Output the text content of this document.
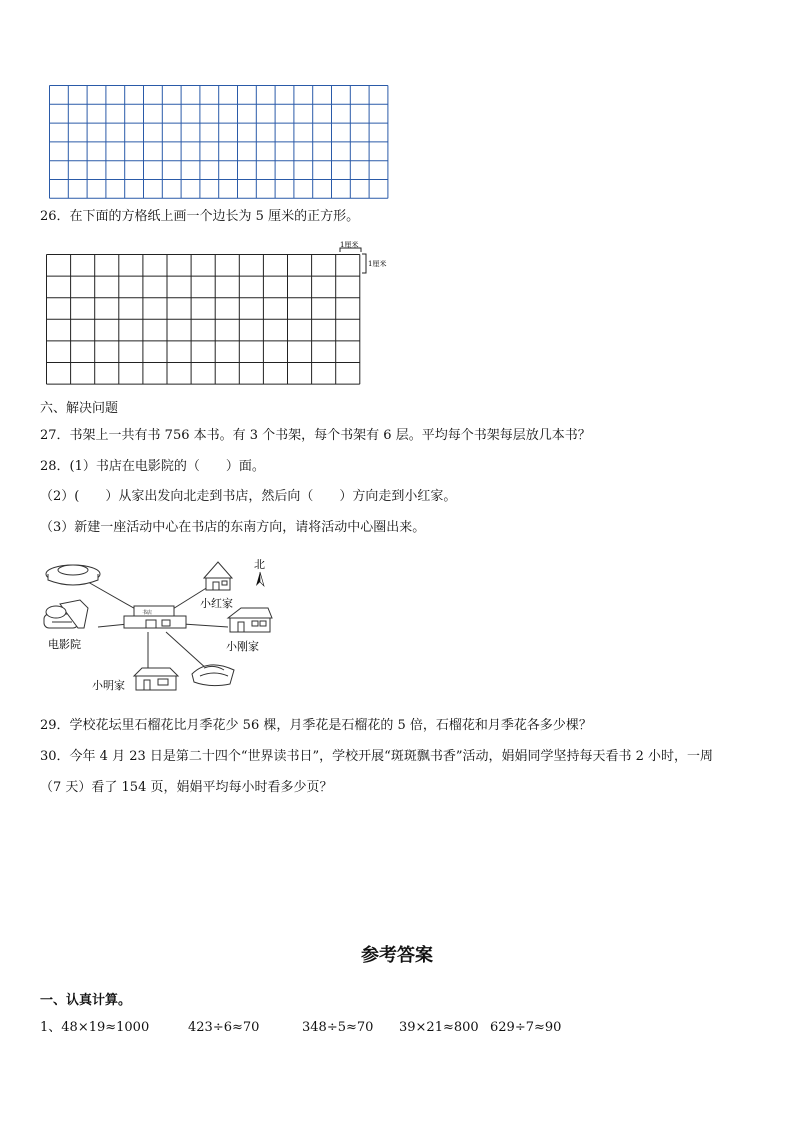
26．在下面的方格纸上画一个边长为 5 厘米的正方形。
1厘米
1厘米
六、解决问题
27．书架上一共有书 756 本书。有 3 个书架，每个书架有 6 层。平均每个书架每层放几本书？
28．(1）书店在电影院的（　　）面。
（2）(　　）从家出发向北走到书店，然后向（　　）方向走到小红家。
（3）新建一座活动中心在书店的东南方向，请将活动中心圈出来。
北
书店
小红家
电影院	小刚家
小明家
29．学校花坛里石榴花比月季花少 56 棵，月季花是石榴花的 5 倍，石榴花和月季花各多少棵？
30．今年 4 月 23 日是第二十四个“世界读书日”，学校开展“斑斑飘书香”活动，娟娟同学坚持每天看书 2 小时，一周
（7 天）看了 154 页，娟娟平均每小时看多少页？
参考答案
一、认真计算。
1、48×19≈1000	423÷6≈70	348÷5≈70 39×21≈800 629÷7≈90
